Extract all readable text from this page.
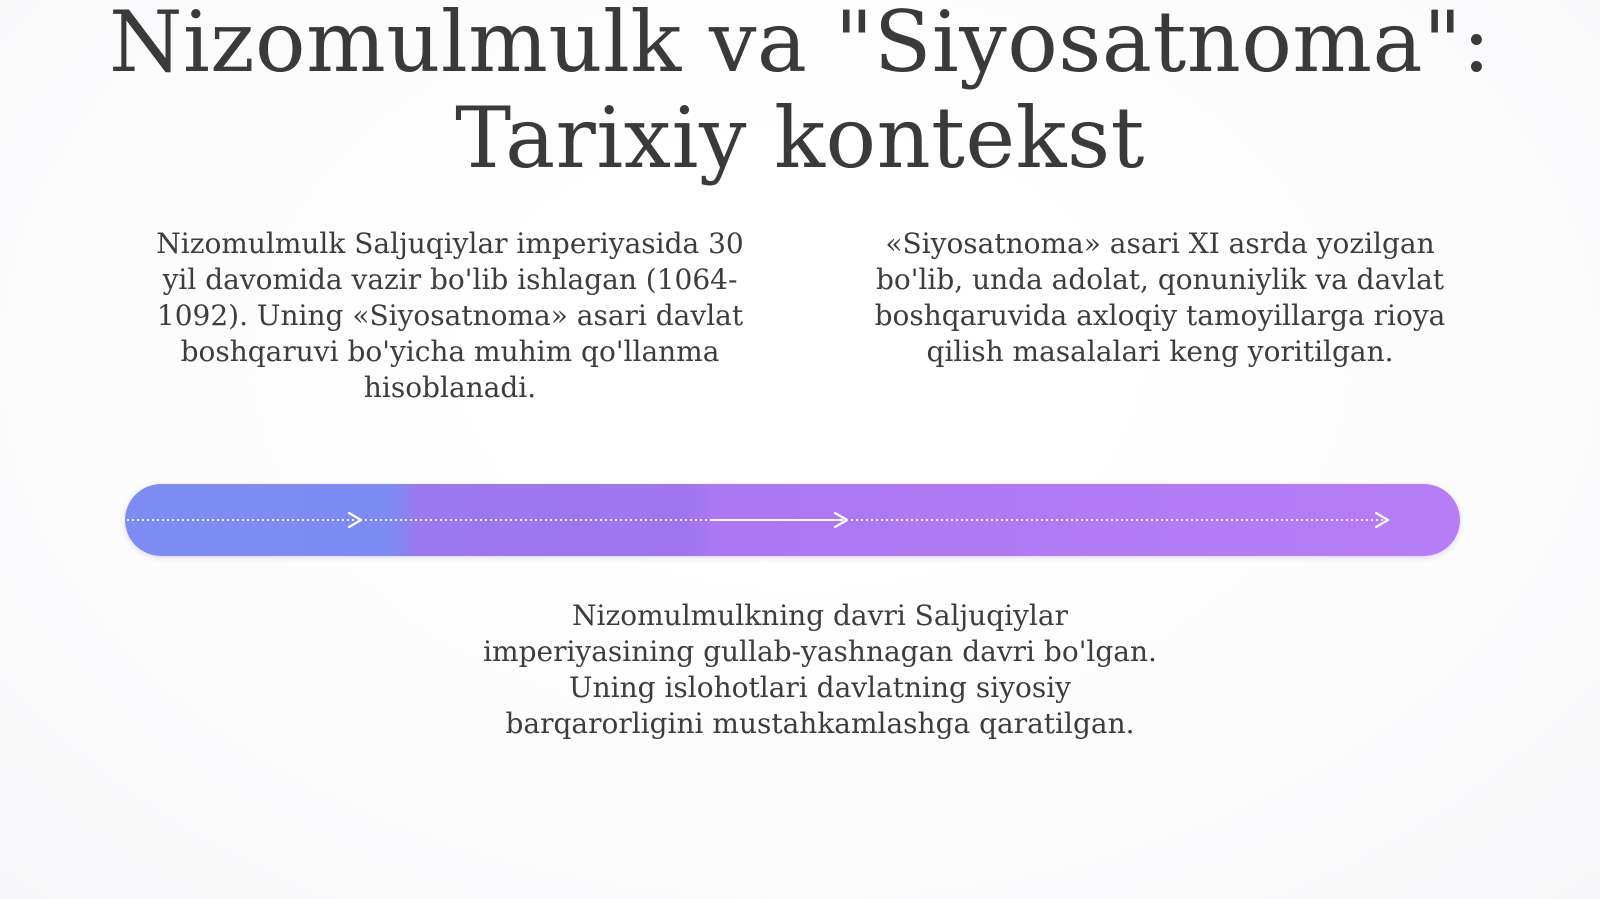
Nizomulmulk va "Siyosatnoma":
Tarixiy kontekst

Nizomulmulk Saljuqiylar imperiyasida 30 yil davomida vazir bo'lib ishlagan (1064-1092). Uning «Siyosatnoma» asari davlat boshqaruvi bo'yicha muhim qo'llanma hisoblanadi.

«Siyosatnoma» asari XI asrda yozilgan bo'lib, unda adolat, qonuniylik va davlat boshqaruvida axloqiy tamoyillarga rioya qilish masalalari keng yoritilgan.

Nizomulmulkning davri Saljuqiylar imperiyasining gullab-yashnagan davri bo'lgan. Uning islohotlari davlatning siyosiy barqarorligini mustahkamlashga qaratilgan.
